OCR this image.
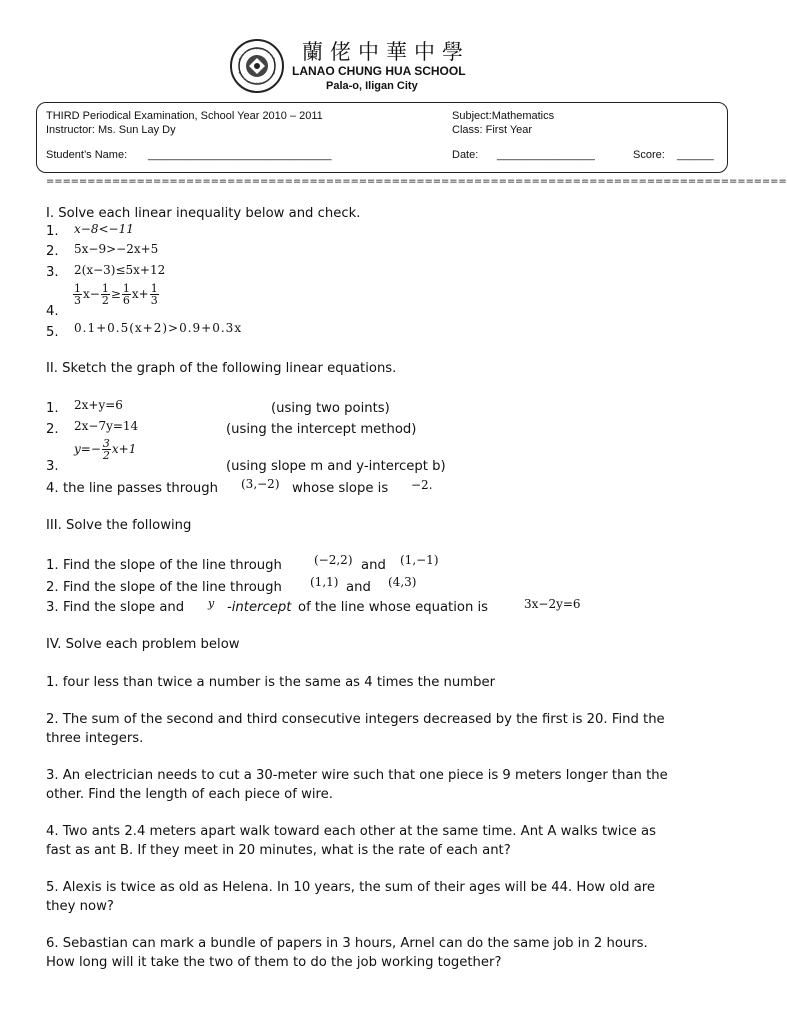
蘭佬中華中學
LANAO CHUNG HUA SCHOOL
Pala-o, Iligan City
THIRD Periodical Examination, School Year 2010 – 2011
Instructor: Ms. Sun Lay Dy
Subject:Mathematics
Class: First Year
Student’s Name: ______________________________	Date: ________________	Score: ______
==========================================================================================
I. Solve each linear inequality below and check.
1. x−8<−11
2. 5x−9>−2x+5
3. 2(x−3)≤5x+12
4.
$\frac{1}{3} x- \frac{1}{2} \ge \frac{1}{6} x+ \frac{1}{3}$
5. 0.1+0.5(x+2)>0.9+0.3x
II. Sketch the graph of the following linear equations.
1. 2x+y=6	(using two points)
2. 2x−7y=14	(using the intercept method)
3.
$y=- \frac{3}{2} x+1$
(using slope m and y-intercept b)
4. the line passes through (3,−2) whose slope is −2.
III. Solve the following
1. Find the slope of the line through	(−2,2) and (1,−1)
2. Find the slope of the line through (1,1) and (4,3)
3. Find the slope and y -intercept of the line whose equation is	3x−2y=6
IV. Solve each problem below
1. four less than twice a number is the same as 4 times the number
2. The sum of the second and third consecutive integers decreased by the first is 20. Find the
three integers.
3. An electrician needs to cut a 30-meter wire such that one piece is 9 meters longer than the
other. Find the length of each piece of wire.
4. Two ants 2.4 meters apart walk toward each other at the same time. Ant A walks twice as
fast as ant B. If they meet in 20 minutes, what is the rate of each ant?
5. Alexis is twice as old as Helena. In 10 years, the sum of their ages will be 44. How old are
they now?
6. Sebastian can mark a bundle of papers in 3 hours, Arnel can do the same job in 2 hours.
How long will it take the two of them to do the job working together?
